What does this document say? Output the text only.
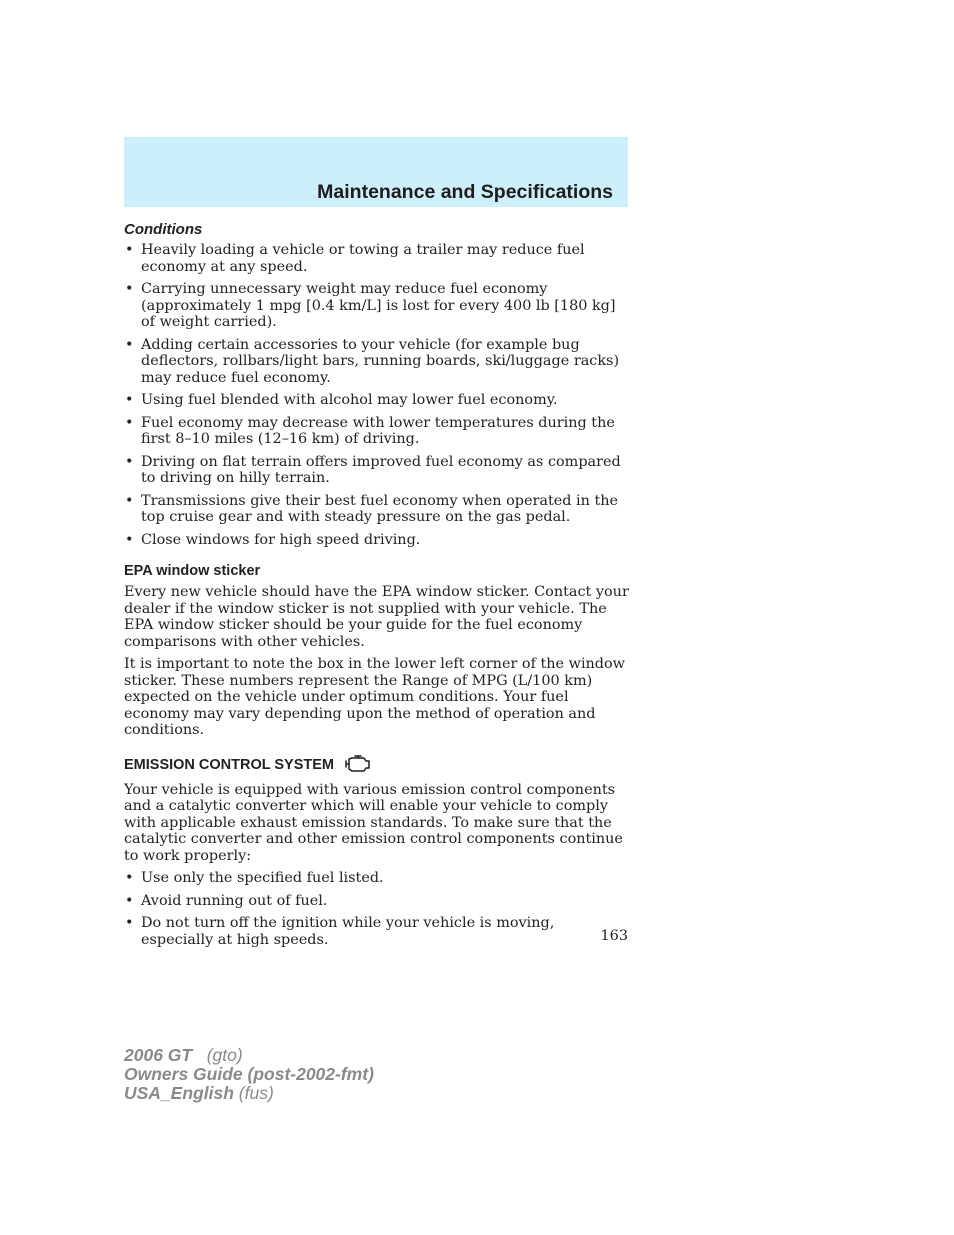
Maintenance and Specifications
Conditions
• Heavily loading a vehicle or towing a trailer may reduce fuel economy at any speed.
• Carrying unnecessary weight may reduce fuel economy (approximately 1 mpg [0.4 km/L] is lost for every 400 lb [180 kg] of weight carried).
• Adding certain accessories to your vehicle (for example bug deflectors, rollbars/light bars, running boards, ski/luggage racks) may reduce fuel economy.
• Using fuel blended with alcohol may lower fuel economy.
• Fuel economy may decrease with lower temperatures during the first 8–10 miles (12–16 km) of driving.
• Driving on flat terrain offers improved fuel economy as compared to driving on hilly terrain.
• Transmissions give their best fuel economy when operated in the top cruise gear and with steady pressure on the gas pedal.
• Close windows for high speed driving.
EPA window sticker

Every new vehicle should have the EPA window sticker. Contact your dealer if the window sticker is not supplied with your vehicle. The EPA window sticker should be your guide for the fuel economy comparisons with other vehicles.

It is important to note the box in the lower left corner of the window sticker. These numbers represent the Range of MPG (L/100 km) expected on the vehicle under optimum conditions. Your fuel economy may vary depending upon the method of operation and conditions.

EMISSION CONTROL SYSTEM

Your vehicle is equipped with various emission control components and a catalytic converter which will enable your vehicle to comply with applicable exhaust emission standards. To make sure that the catalytic converter and other emission control components continue to work properly:

• Use only the specified fuel listed.
• Avoid running out of fuel.
• Do not turn off the ignition while your vehicle is moving, especially at high speeds.	163
2006 GT (gto)
Owners Guide (post-2002-fmt)
USA_English (fus)
